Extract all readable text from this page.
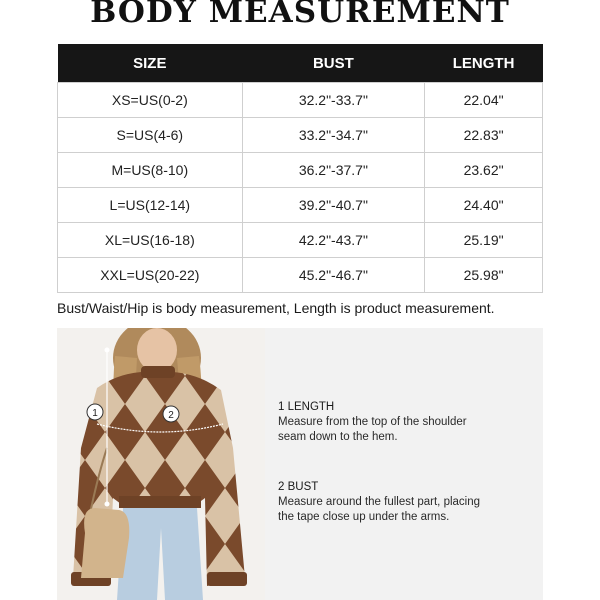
BODY MEASUREMENT
SIZE	BUST	LENGTH
XS=US(0-2)	32.2"-33.7"	22.04"
S=US(4-6)	33.2"-34.7"	22.83"
M=US(8-10)	36.2"-37.7"	23.62"
L=US(12-14)	39.2"-40.7"	24.40"
XL=US(16-18)	42.2"-43.7"	25.19"
XXL=US(20-22)	45.2"-46.7"	25.98"
Bust/Waist/Hip is body measurement, Length is product measurement.
1	2
1 LENGTH
Measure from the top of the shoulder
seam down to the hem.
2 BUST
Measure around the fullest part, placing
the tape close up under the arms.
